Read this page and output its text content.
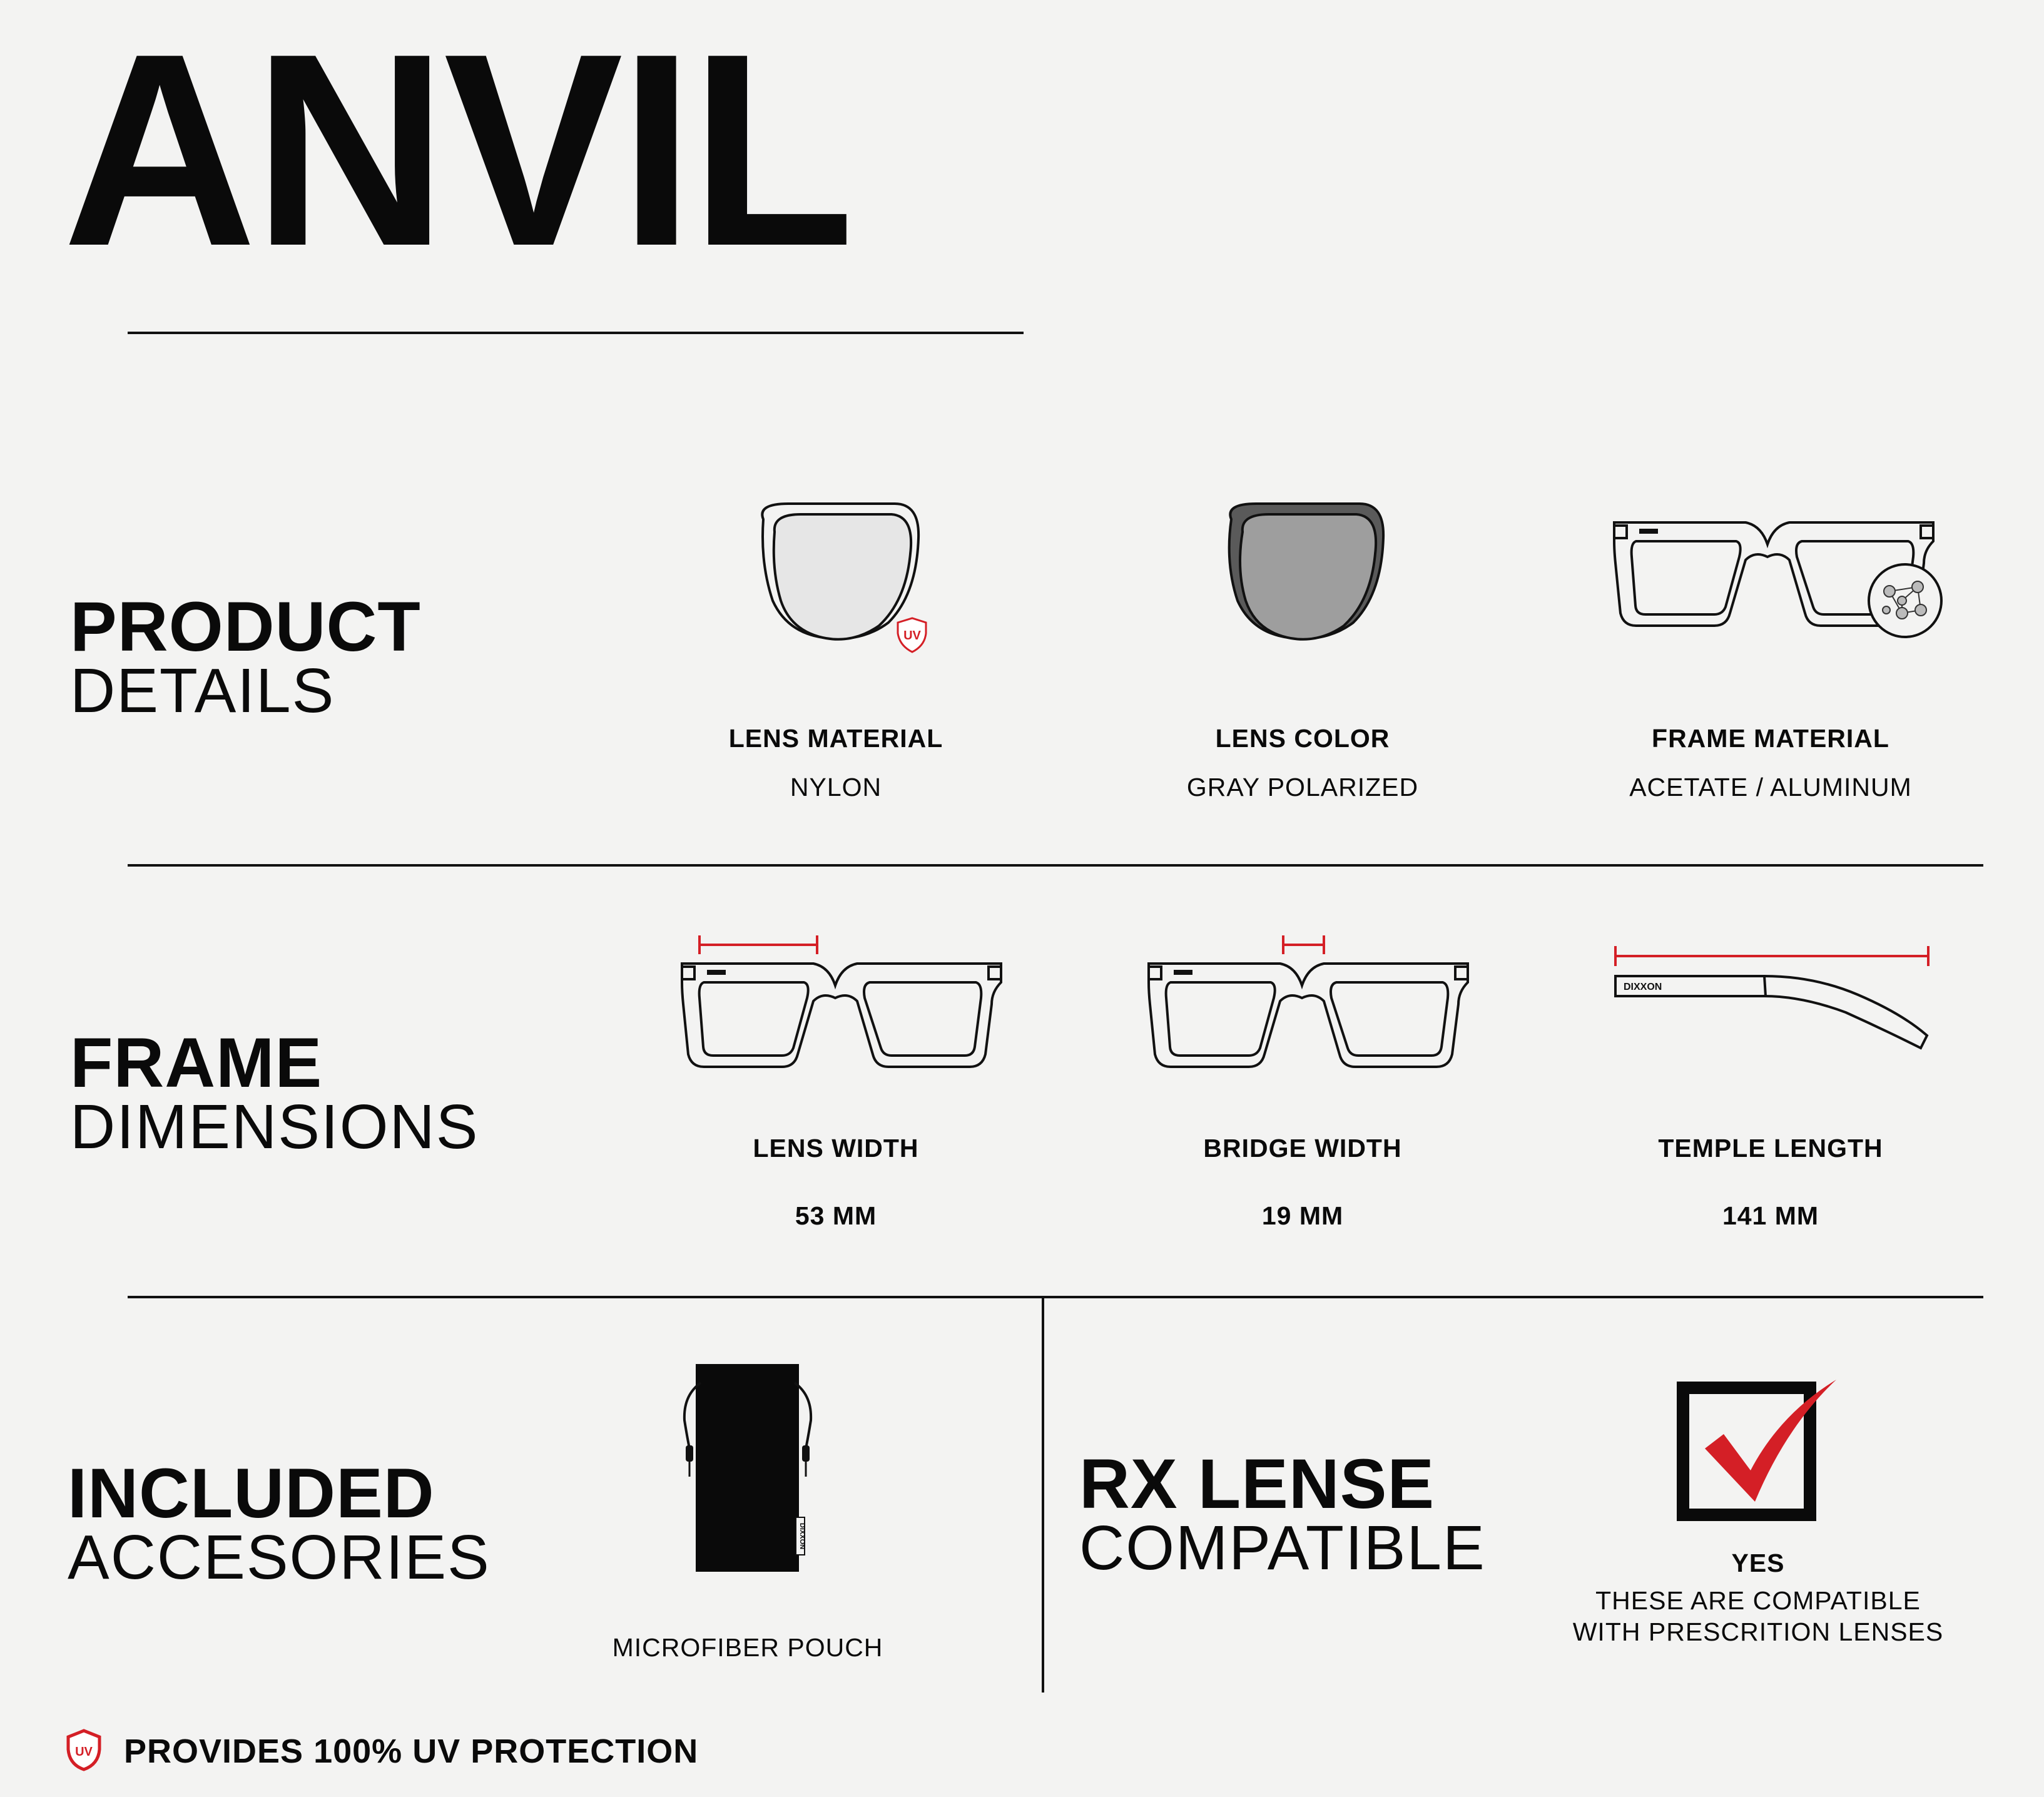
ANVIL
PRODUCT
DETAILS
UV
LENS MATERIAL
NYLON
LENS COLOR
GRAY POLARIZED
FRAME MATERIAL
ACETATE / ALUMINUM
FRAME
DIMENSIONS
DIXXON
LENS WIDTH
53 MM
BRIDGE WIDTH
19 MM
TEMPLE LENGTH
141 MM
INCLUDED
ACCESORIES	DIXXON
MICROFIBER POUCH
RX LENSE
COMPATIBLE	YES
THESE ARE COMPATIBLE
WITH PRESCRITION LENSES
UV PROVIDES 100% UV PROTECTION
